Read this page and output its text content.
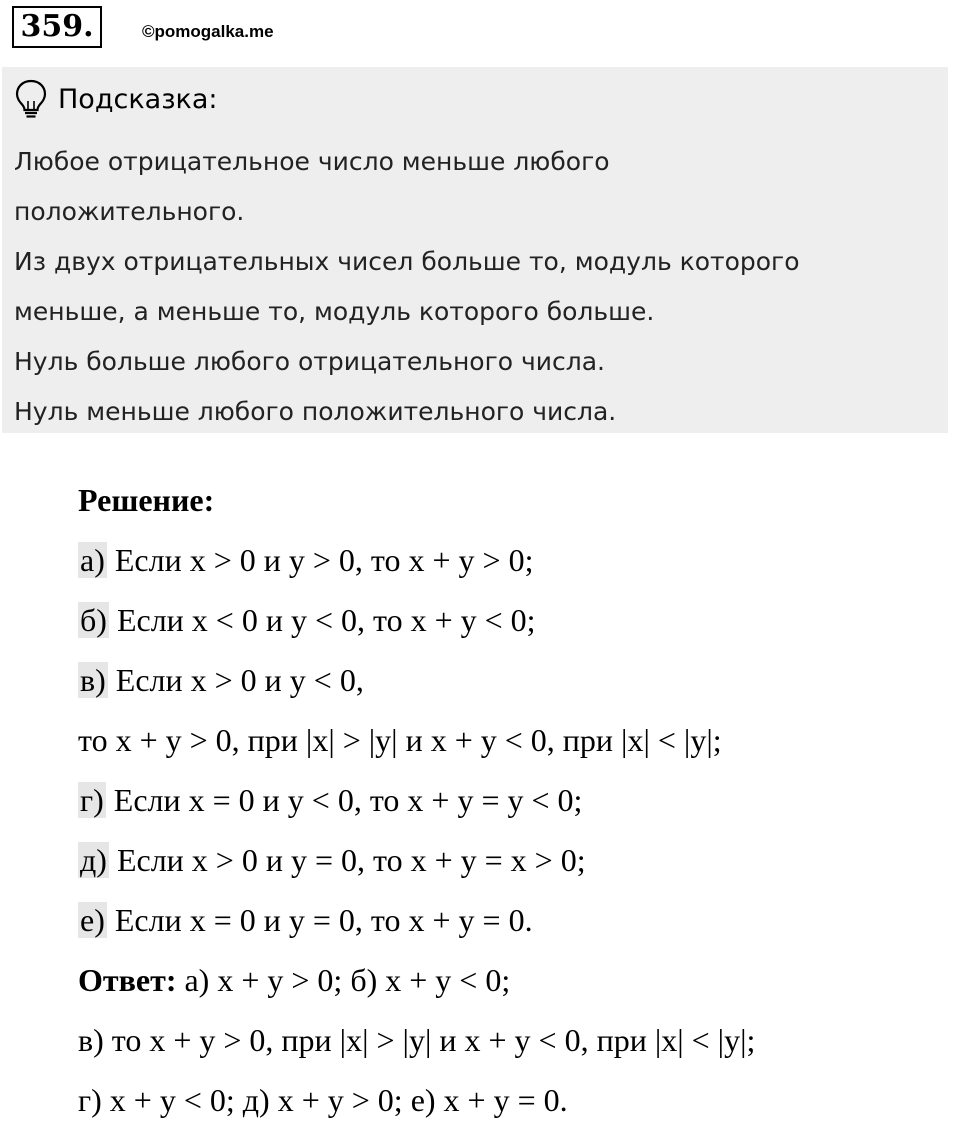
359.	©pomogalka.me
Подсказка:
Любое отрицательное число меньше любого
положительного.
Из двух отрицательных чисел больше то, модуль которого
меньше, а меньше то, модуль которого больше.
Нуль больше любого отрицательного числа.
Нуль меньше любого положительного числа.
Решение:
а) Если x > 0 и y > 0, то x + y > 0;
б) Если x < 0 и y < 0, то x + y < 0;
в) Если x > 0 и y < 0,
то x + y > 0, при |x| > |y| и x + y < 0, при |x| < |y|;
г) Если x = 0 и y < 0, то x + y = y < 0;
д) Если x > 0 и y = 0, то x + y = x > 0;
е) Если x = 0 и y = 0, то x + y = 0.
Ответ: а) x + y > 0; б) x + y < 0;
в) то x + y > 0, при |x| > |y| и x + y < 0, при |x| < |y|;
г) x + y < 0; д) x + y > 0; е) x + y = 0.
